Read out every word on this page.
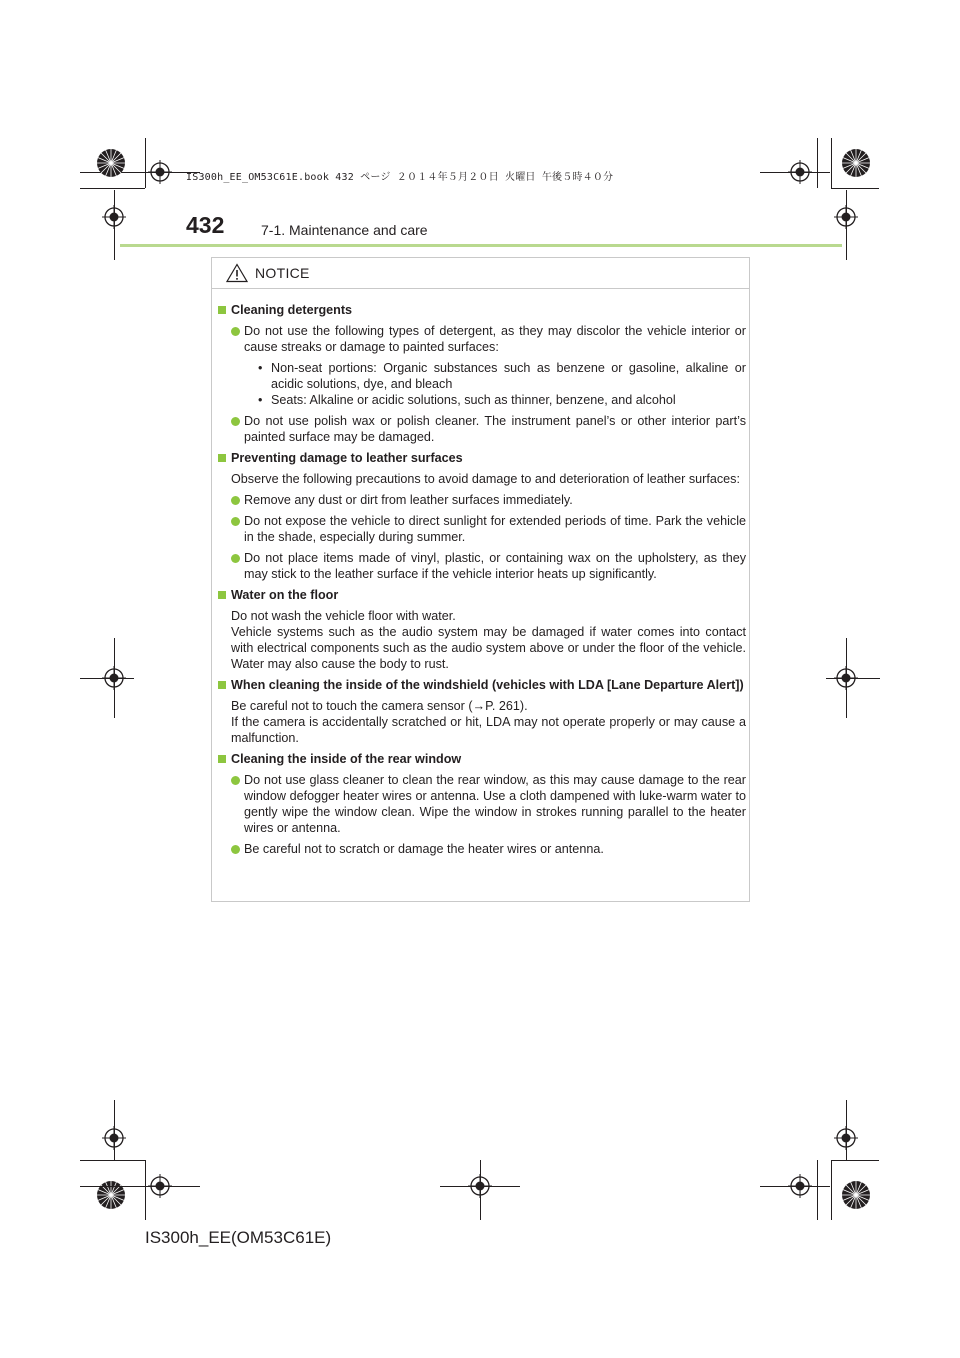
IS300h_EE_OM53C61E.book 432 ページ ２０１４年５月２０日 火曜日 午後５時４０分
432	7-1. Maintenance and care
NOTICE
Cleaning detergents
Do not use the following types of detergent, as they may discolor the vehicle interior or cause streaks or damage to painted surfaces:
• Non-seat portions: Organic substances such as benzene or gasoline, alkaline or acidic solutions, dye, and bleach
• Seats: Alkaline or acidic solutions, such as thinner, benzene, and alcohol
Do not use polish wax or polish cleaner. The instrument panel’s or other interior part’s painted surface may be damaged.
Preventing damage to leather surfaces
Observe the following precautions to avoid damage to and deterioration of leather surfaces:
Remove any dust or dirt from leather surfaces immediately.
Do not expose the vehicle to direct sunlight for extended periods of time. Park the vehicle in the shade, especially during summer.
Do not place items made of vinyl, plastic, or containing wax on the upholstery, as they may stick to the leather surface if the vehicle interior heats up significantly.
Water on the floor
Do not wash the vehicle floor with water.
Vehicle systems such as the audio system may be damaged if water comes into contact with electrical components such as the audio system above or under the floor of the vehicle. Water may also cause the body to rust.
When cleaning the inside of the windshield (vehicles with LDA [Lane Departure Alert])
Be careful not to touch the camera sensor (→P. 261).
If the camera is accidentally scratched or hit, LDA may not operate properly or may cause a malfunction.
Cleaning the inside of the rear window
Do not use glass cleaner to clean the rear window, as this may cause damage to the rear window defogger heater wires or antenna. Use a cloth dampened with luke-warm water to gently wipe the window clean. Wipe the window in strokes running parallel to the heater wires or antenna.
Be careful not to scratch or damage the heater wires or antenna.
IS300h_EE(OM53C61E)
